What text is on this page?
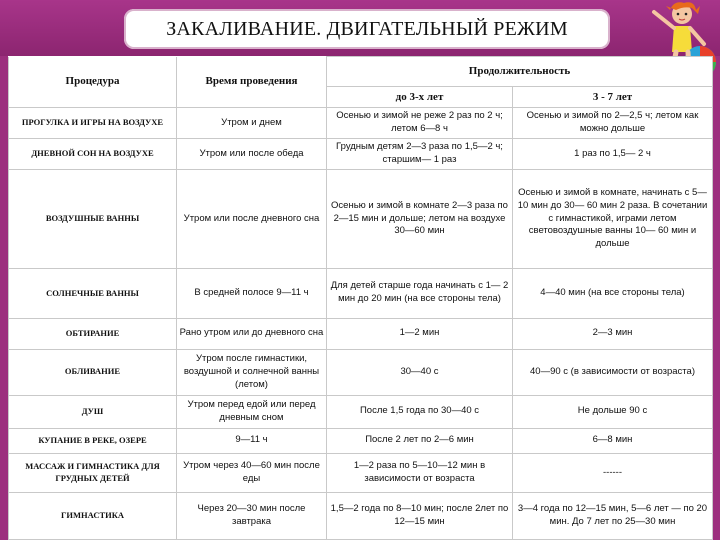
ЗАКАЛИВАНИЕ. ДВИГАТЕЛЬНЫЙ РЕЖИМ
Процедура	Время проведения	Продолжительность	
		до 3-х лет	3 - 7 лет
ПРОГУЛКА И ИГРЫ НА ВОЗДУХЕ	Утром и днем	Осенью и зимой не реже 2 раз по 2 ч; летом 6—8 ч	Осенью и зимой по 2—2,5 ч; летом как можно дольше
ДНЕВНОЙ СОН НА ВОЗДУХЕ	Утром или после обеда	Грудным детям 2—3 раза по 1,5—2 ч; старшим— 1 раз	1 раз по 1,5— 2 ч
ВОЗДУШНЫЕ ВАННЫ	Утром или после дневного сна	Осенью и зимой в комнате 2—3 раза по 2—15 мин и дольше; летом на воздухе 30—60 мин	Осенью и зимой в комнате, начинать с 5— 10 мин до 30— 60 мин 2 раза. В сочетании с гимнастикой, играми летом световоздушные ванны 10— 60 мин и дольше
СОЛНЕЧНЫЕ ВАННЫ	В средней полосе 9—11 ч	Для детей старше года начинать с 1— 2 мин до 20 мин (на все стороны тела)	4—40 мин (на все стороны тела)
ОБТИРАНИЕ	Рано утром или до дневного сна	1—2 мин	2—3 мин
ОБЛИВАНИЕ	Утром после гимнастики, воздушной и солнечной ванны (летом)	30—40 с	40—90 с (в зависимости от возраста)
ДУШ	Утром перед едой или перед дневным сном	После 1,5 года по 30—40 с	Не дольше 90 с
КУПАНИЕ В РЕКЕ, ОЗЕРЕ	9—11 ч	После 2 лет по 2—6 мин	6—8 мин
МАССАЖ И ГИМНАСТИКА ДЛЯ ГРУДНЫХ ДЕТЕЙ	Утром через 40—60 мин после еды	1—2 раза по 5—10—12 мин в зависимости от возраста	------
ГИМНАСТИКА	Через 20—30 мин после завтрака	1,5—2 года по 8—10 мин; после 2лет по 12—15 мин	3—4 года по 12—15 мин, 5—6 лет — по 20 мин. До 7 лет по 25—30 мин
